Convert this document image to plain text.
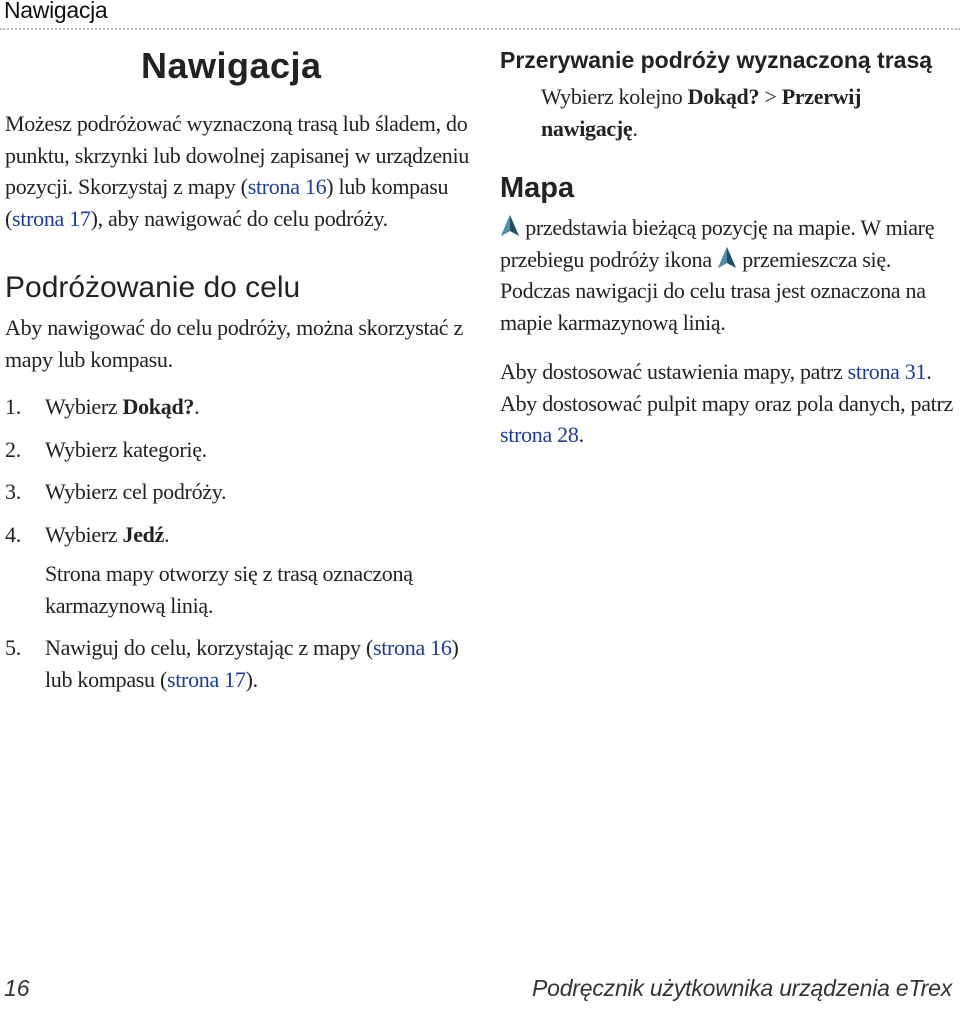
Nawigacja
Nawigacja

Możesz podróżować wyznaczoną trasą lub śladem, do punktu, skrzynki lub dowolnej zapisanej w urządzeniu pozycji. Skorzystaj z mapy (strona 16) lub kompasu (strona 17), aby nawigować do celu podróży.

Podróżowanie do celu

Aby nawigować do celu podróży, można skorzystać z mapy lub kompasu.

1.	Wybierz Dokąd?.
2.	Wybierz kategorię.
3.	Wybierz cel podróży.
4.	Wybierz Jedź.
Strona mapy otworzy się z trasą oznaczoną karmazynową linią.
5.	Nawiguj do celu, korzystając z mapy (strona 16) lub kompasu (strona 17).
Przerywanie podróży wyznaczoną trasą

Wybierz kolejno Dokąd? > Przerwij nawigację.

Mapa

przedstawia bieżącą pozycję na mapie. W miarę przebiegu podróży ikona  przemieszcza się. Podczas nawigacji do celu trasa jest oznaczona na mapie karmazynową linią.

Aby dostosować ustawienia mapy, patrz strona 31. Aby dostosować pulpit mapy oraz pola danych, patrz strona 28.

16	Podręcznik użytkownika urządzenia eTrex
